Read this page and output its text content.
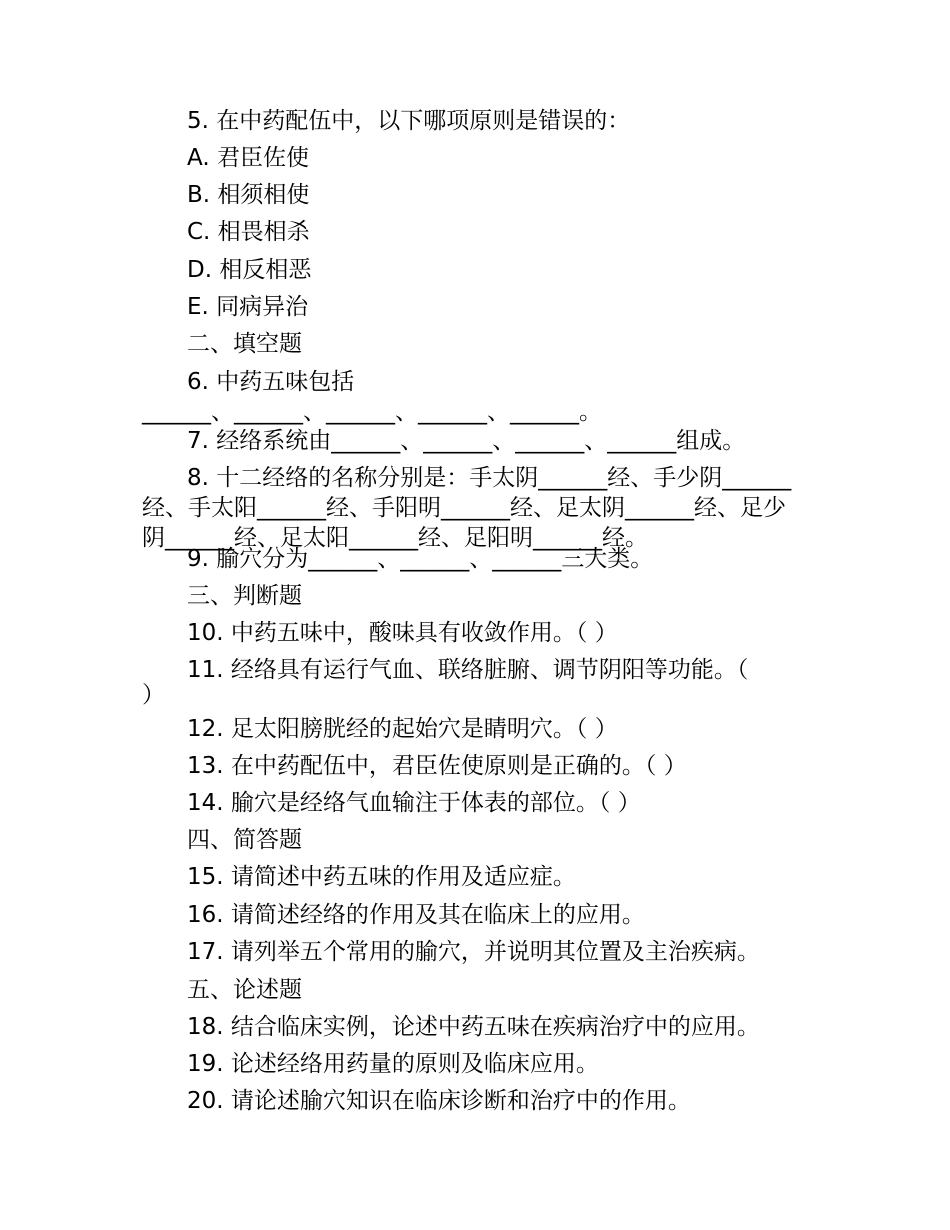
5. 在中药配伍中，以下哪项原则是错误的：
A. 君臣佐使
B. 相须相使
C. 相畏相杀
D. 相反相恶
E. 同病异治
二、填空题
6. 中药五味包括
______、______、______、______、______。
7. 经络系统由______、______、______、______组成。
8. 十二经络的名称分别是：手太阴______经、手少阴______经、手太阳______经、手阳明______经、足太阴______经、足少阴______经、足太阳______经、足阳明______经。
9. 腧穴分为______、______、______三大类。
三、判断题
10. 中药五味中，酸味具有收敛作用。（ ）
11. 经络具有运行气血、联络脏腑、调节阴阳等功能。（
）
12. 足太阳膀胱经的起始穴是睛明穴。（ ）
13. 在中药配伍中，君臣佐使原则是正确的。（ ）
14. 腧穴是经络气血输注于体表的部位。（ ）
四、简答题
15. 请简述中药五味的作用及适应症。
16. 请简述经络的作用及其在临床上的应用。
17. 请列举五个常用的腧穴，并说明其位置及主治疾病。
五、论述题
18. 结合临床实例，论述中药五味在疾病治疗中的应用。
19. 论述经络用药量的原则及临床应用。
20. 请论述腧穴知识在临床诊断和治疗中的作用。
